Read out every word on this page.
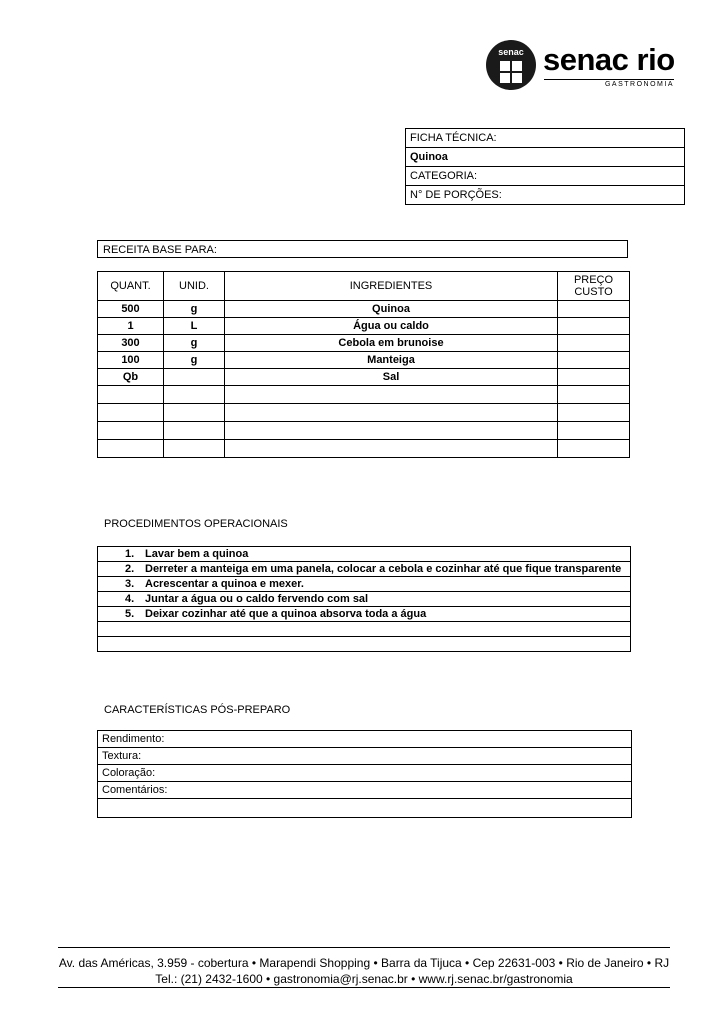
senac senac rio
GASTRONOMIA
FICHA TÉCNICA:
Quinoa
CATEGORIA:
N° DE PORÇÕES:
RECEITA BASE PARA:
QUANT.	UNID.	INGREDIENTES	PREÇO
CUSTO

500	g	Quinoa	
1	L	Água ou caldo	
300	g	Cebola em brunoise	
100	g	Manteiga	
Qb		Sal	

PROCEDIMENTOS OPERACIONAIS
1. Lavar bem a quinoa
2. Derreter a manteiga em uma panela, colocar a cebola e cozinhar até que fique transparente
3. Acrescentar a quinoa e mexer.
4. Juntar a água ou o caldo fervendo com sal
5. Deixar cozinhar até que a quinoa absorva toda a água

CARACTERÍSTICAS PÓS-PREPARO
Rendimento:
Textura:
Coloração:
Comentários:

Av. das Américas, 3.959 - cobertura • Marapendi Shopping • Barra da Tijuca • Cep 22631-003 • Rio de Janeiro • RJ
Tel.: (21) 2432-1600 • gastronomia@rj.senac.br • www.rj.senac.br/gastronomia
